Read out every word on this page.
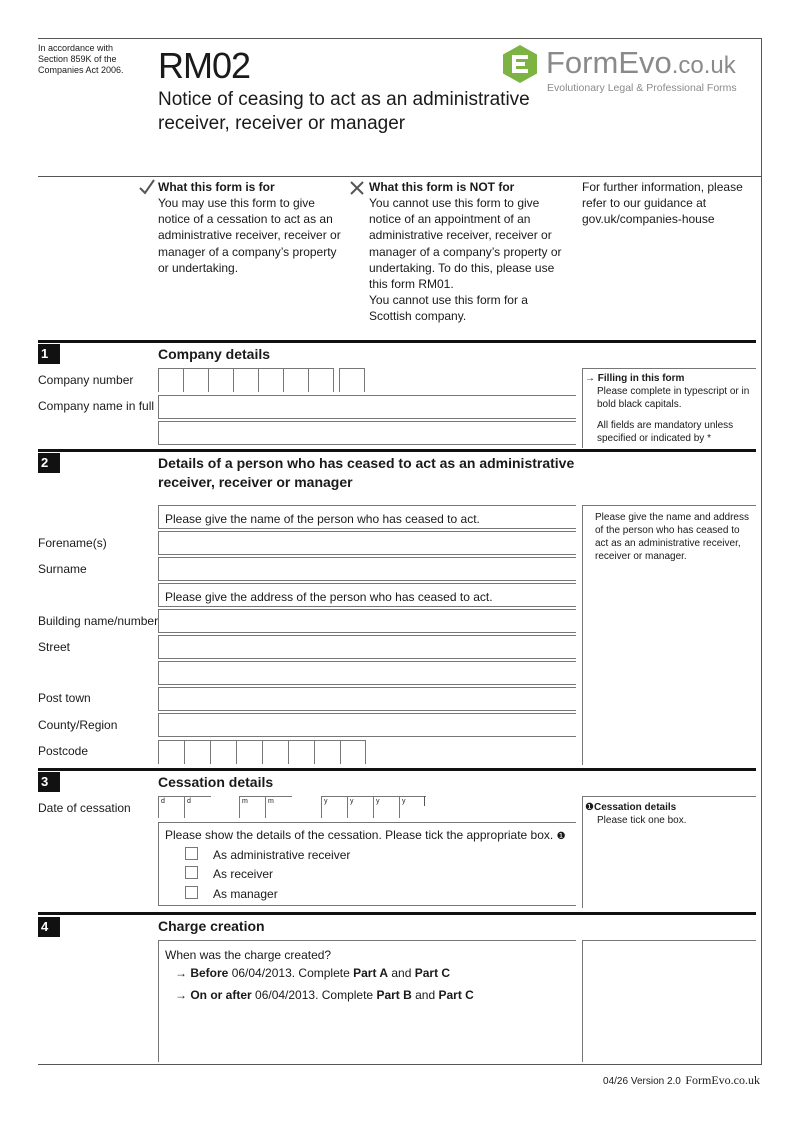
In accordance with
Section 859K of the
Companies Act 2006. RM02
Notice of ceasing to act as an administrative receiver, receiver or manager
FormEvo.co.uk
Evolutionary Legal & Professional Forms
What this form is for
You may use this form to give notice of a cessation to act as an administrative receiver, receiver or manager of a company’s property or undertaking.
What this form is NOT for
You cannot use this form to give notice of an appointment of an administrative receiver, receiver or manager of a company’s property or undertaking. To do this, please use this form RM01.
You cannot use this form for a Scottish company.
For further information, please refer to our guidance at gov.uk/companies-house
1	Company details
Company number
Company name in full
→ Filling in this form
Please complete in typescript or in bold black capitals.
All fields are mandatory unless specified or indicated by *
2	Details of a person who has ceased to act as an administrative receiver, receiver or manager
Please give the name of the person who has ceased to act.
Forename(s)
Surname
Please give the address of the person who has ceased to act.
Building name/number
Street
Post town
County/Region
Postcode
Please give the name and address of the person who has ceased to act as an administrative receiver, receiver or manager.
3	Cessation details
Date of cessation	d	d	m	m	y	y	y	y
Please show the details of the cessation. Please tick the appropriate box. ❶
As administrative receiver
As receiver
As manager
❶Cessation details
Please tick one box.
4	Charge creation
When was the charge created?
→ Before 06/04/2013. Complete Part A and Part C
→ On or after 06/04/2013. Complete Part B and Part C
04/26 Version 2.0 FormEvo.co.uk
